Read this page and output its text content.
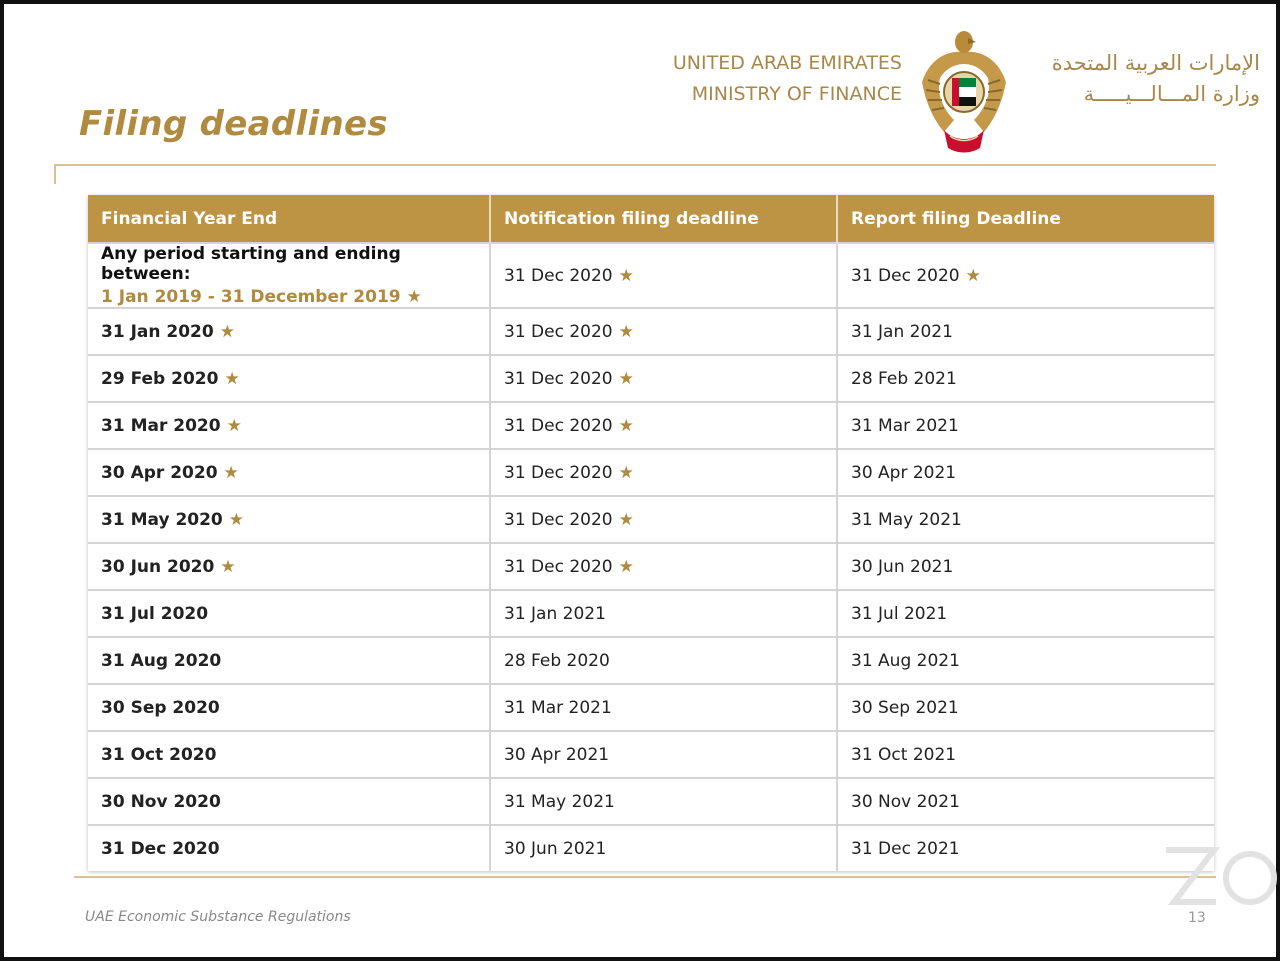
Filing deadlines
UNITED ARAB EMIRATES
MINISTRY OF FINANCE
الإمارات العربية المتحدة
وزارة المـــالـــيـــــة
Financial Year End	Notification filing deadline	Report filing Deadline

Any period starting and ending between:
1 Jan 2019 - 31 December 2019 ★	31 Dec 2020 ★	31 Dec 2020 ★
31 Jan 2020 ★	31 Dec 2020 ★	31 Jan 2021
29 Feb 2020 ★	31 Dec 2020 ★	28 Feb 2021
31 Mar 2020 ★	31 Dec 2020 ★	31 Mar 2021
30 Apr 2020 ★	31 Dec 2020 ★	30 Apr 2021
31 May 2020 ★	31 Dec 2020 ★	31 May 2021
30 Jun 2020 ★	31 Dec 2020 ★	30 Jun 2021
31 Jul 2020	31 Jan 2021	31 Jul 2021
31 Aug 2020	28 Feb 2020	31 Aug 2021
30 Sep 2020	31 Mar 2021	30 Sep 2021
31 Oct 2020	30 Apr 2021	31 Oct 2021
30 Nov 2020	31 May 2021	30 Nov 2021
31 Dec 2020	30 Jun 2021	31 Dec 2021
UAE Economic Substance Regulations	13
